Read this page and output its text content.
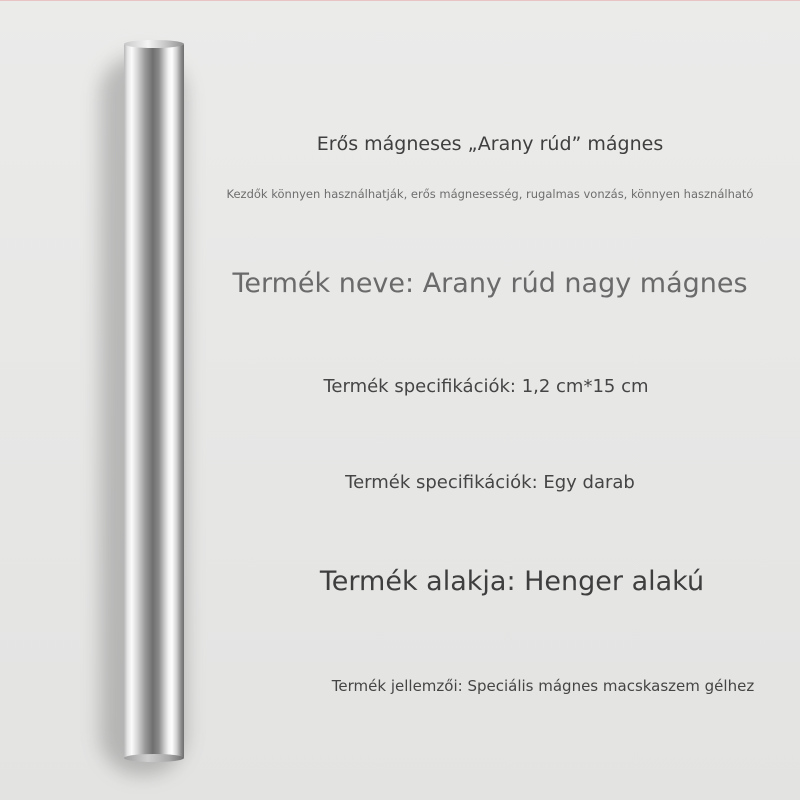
Erős mágneses „Arany rúd” mágnes

Kezdők könnyen használhatják, erős mágnesesség, rugalmas vonzás, könnyen használható

Termék neve: Arany rúd nagy mágnes

Termék specifikációk: 1,2 cm*15 cm

Termék specifikációk: Egy darab

Termék alakja: Henger alakú

Termék jellemzői: Speciális mágnes macskaszem gélhez
